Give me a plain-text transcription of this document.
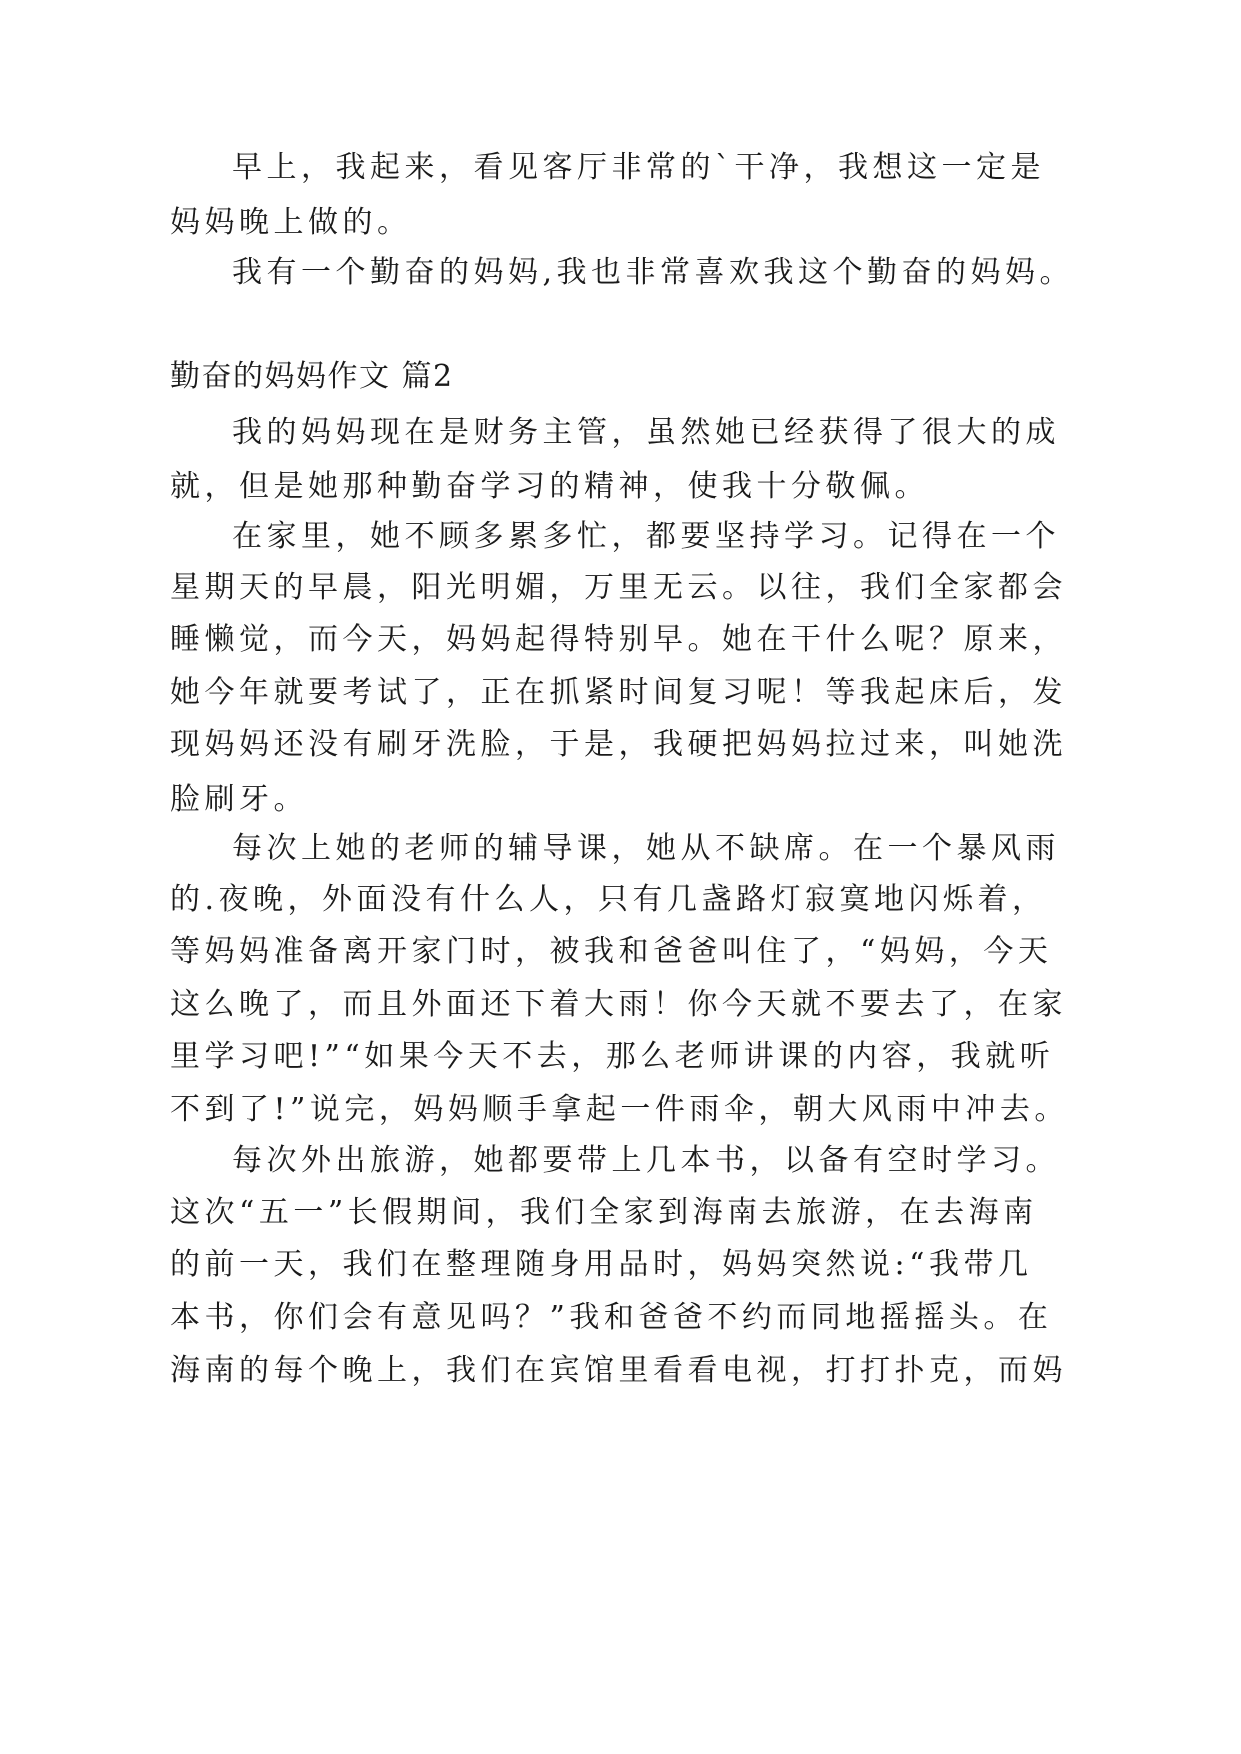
早上，我起来，看见客厅非常的`干净，我想这一定是

妈妈晚上做的。

我有一个勤奋的妈妈,我也非常喜欢我这个勤奋的妈妈。

勤奋的妈妈作文 篇2

我的妈妈现在是财务主管，虽然她已经获得了很大的成

就，但是她那种勤奋学习的精神，使我十分敬佩。

在家里，她不顾多累多忙，都要坚持学习。记得在一个

星期天的早晨，阳光明媚，万里无云。以往，我们全家都会

睡懒觉，而今天，妈妈起得特别早。她在干什么呢？原来，

她今年就要考试了，正在抓紧时间复习呢！等我起床后，发

现妈妈还没有刷牙洗脸，于是，我硬把妈妈拉过来，叫她洗

脸刷牙。

每次上她的老师的辅导课，她从不缺席。在一个暴风雨

的.夜晚，外面没有什么人，只有几盏路灯寂寞地闪烁着，

等妈妈准备离开家门时，被我和爸爸叫住了，“妈妈，今天

这么晚了，而且外面还下着大雨！你今天就不要去了，在家

里学习吧!”“如果今天不去，那么老师讲课的内容，我就听

不到了!”说完，妈妈顺手拿起一件雨伞，朝大风雨中冲去。

每次外出旅游，她都要带上几本书，以备有空时学习。

这次“五一”长假期间，我们全家到海南去旅游，在去海南

的前一天，我们在整理随身用品时，妈妈突然说:“我带几

本书，你们会有意见吗？”我和爸爸不约而同地摇摇头。在

海南的每个晚上，我们在宾馆里看看电视，打打扑克，而妈
